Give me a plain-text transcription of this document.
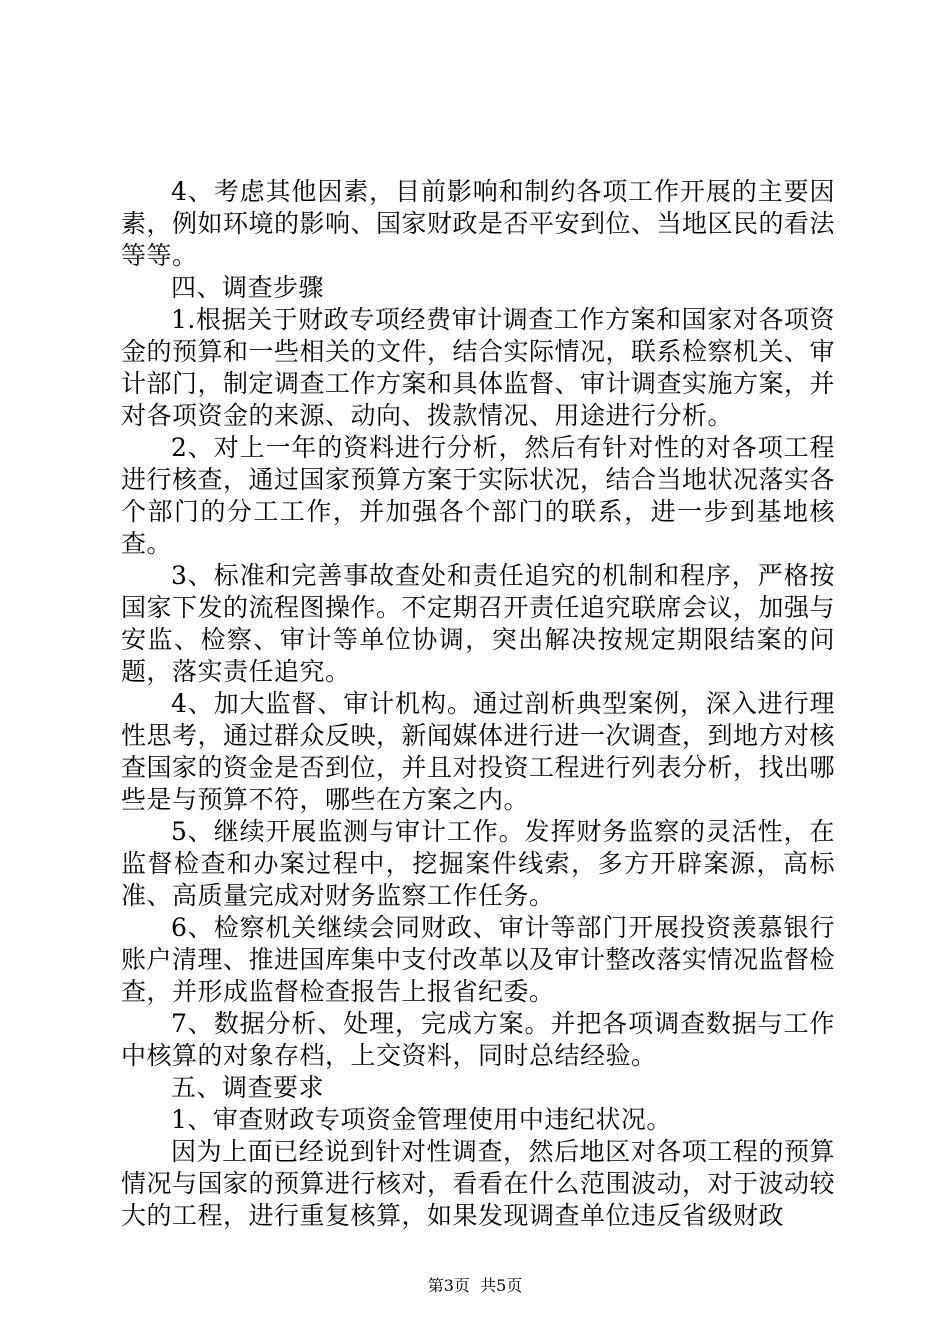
4、考虑其他因素，目前影响和制约各项工作开展的主要因素，例如环境的影响、国家财政是否平安到位、当地区民的看法等等。

四、调查步骤

1.根据关于财政专项经费审计调查工作方案和国家对各项资金的预算和一些相关的文件，结合实际情况，联系检察机关、审计部门，制定调查工作方案和具体监督、审计调查实施方案，并对各项资金的来源、动向、拨款情况、用途进行分析。

2、对上一年的资料进行分析，然后有针对性的对各项工程进行核查，通过国家预算方案于实际状况，结合当地状况落实各个部门的分工工作，并加强各个部门的联系，进一步到基地核查。

3、标准和完善事故查处和责任追究的机制和程序，严格按国家下发的流程图操作。不定期召开责任追究联席会议，加强与安监、检察、审计等单位协调，突出解决按规定期限结案的问题，落实责任追究。

4、加大监督、审计机构。通过剖析典型案例，深入进行理性思考，通过群众反映，新闻媒体进行进一次调查，到地方对核查国家的资金是否到位，并且对投资工程进行列表分析，找出哪些是与预算不符，哪些在方案之内。

5、继续开展监测与审计工作。发挥财务监察的灵活性，在监督检查和办案过程中，挖掘案件线索，多方开辟案源，高标准、高质量完成对财务监察工作任务。

6、检察机关继续会同财政、审计等部门开展投资羡慕银行账户清理、推进国库集中支付改革以及审计整改落实情况监督检查，并形成监督检查报告上报省纪委。

7、数据分析、处理，完成方案。并把各项调查数据与工作中核算的对象存档，上交资料，同时总结经验。

五、调查要求

1、审查财政专项资金管理使用中违纪状况。

因为上面已经说到针对性调查，然后地区对各项工程的预算情况与国家的预算进行核对，看看在什么范围波动，对于波动较大的工程，进行重复核算，如果发现调查单位违反省级财政

第3页  共5页
